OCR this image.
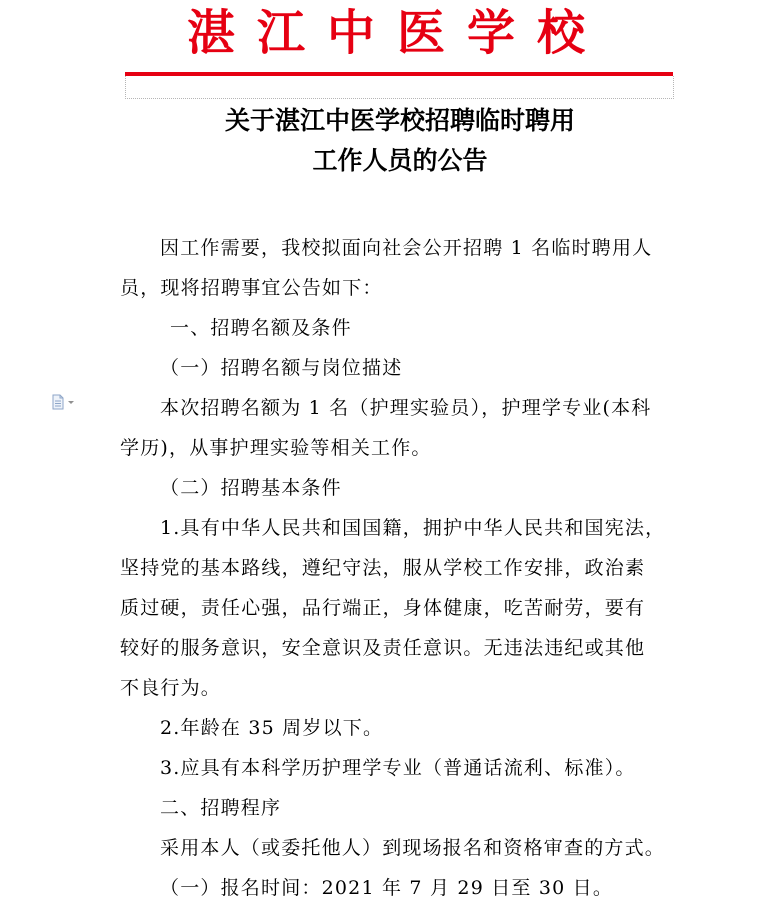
湛江中医学校
关于湛江中医学校招聘临时聘用
工作人员的公告
因工作需要，我校拟面向社会公开招聘 1 名临时聘用人
员，现将招聘事宜公告如下：
一、招聘名额及条件
（一）招聘名额与岗位描述
本次招聘名额为 1 名（护理实验员），护理学专业(本科
学历)，从事护理实验等相关工作。
（二）招聘基本条件
1.具有中华人民共和国国籍，拥护中华人民共和国宪法，
坚持党的基本路线，遵纪守法，服从学校工作安排，政治素
质过硬，责任心强，品行端正，身体健康，吃苦耐劳，要有
较好的服务意识，安全意识及责任意识。无违法违纪或其他
不良行为。
2.年龄在 35 周岁以下。
3.应具有本科学历护理学专业（普通话流利、标准）。
二、招聘程序
采用本人（或委托他人）到现场报名和资格审查的方式。
（一）报名时间：2021 年 7 月 29 日至 30 日。
